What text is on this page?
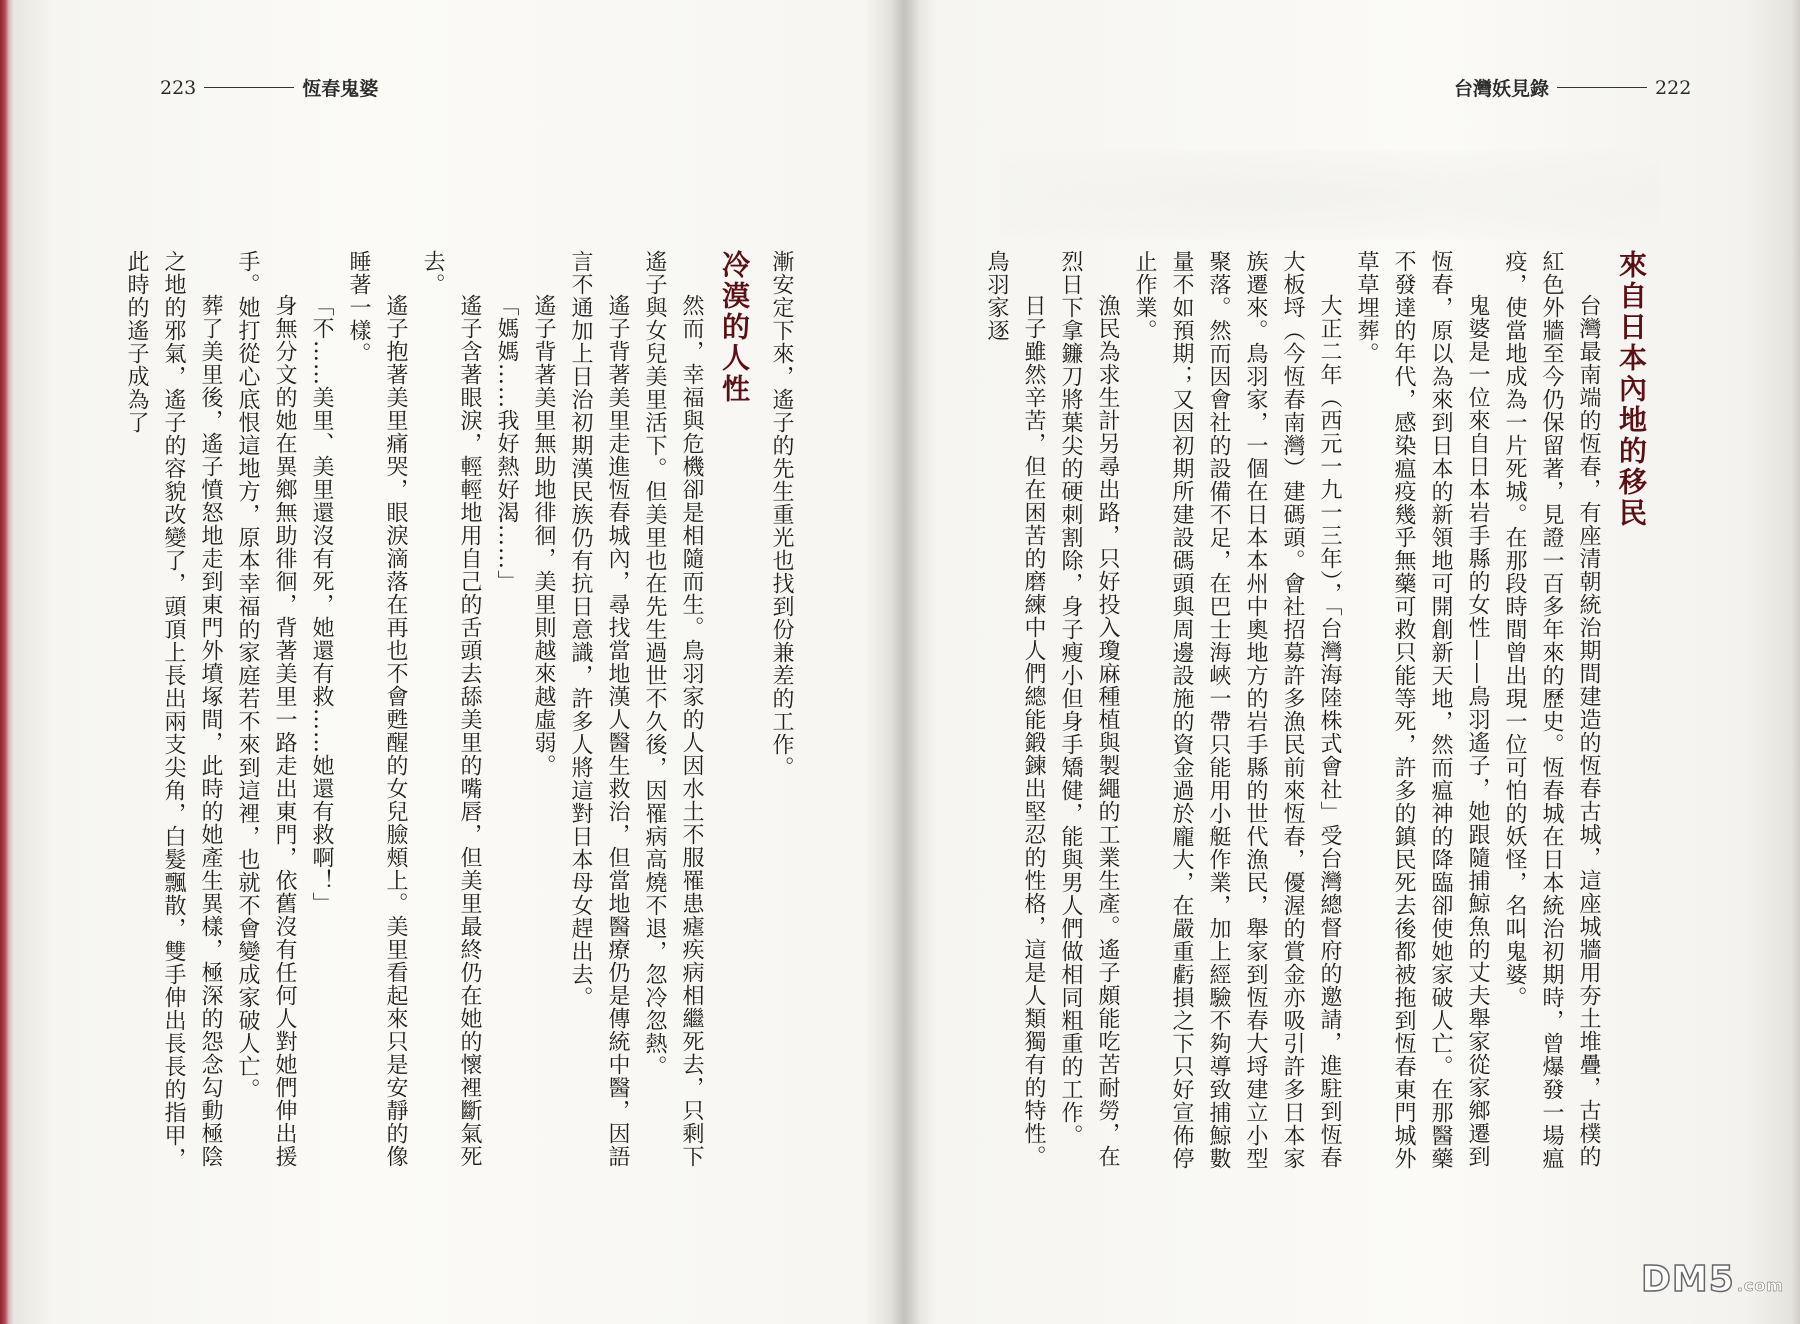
223	恆春鬼婆	台灣妖見錄	222

漸安定下來，遙子的先生重光也找到份兼差的工作。

冷漠的人性

然而，幸福與危機卻是相隨而生。鳥羽家的人因水土不服罹患瘧疾病相繼死去，只剩下遙子與女兒美里活下。但美里也在先生過世不久後，因罹病高燒不退，忽冷忽熱。

遙子背著美里走進恆春城內，尋找當地漢人醫生救治，但當地醫療仍是傳統中醫，因語言不通加上日治初期漢民族仍有抗日意識，許多人將這對日本母女趕出去。

遙子背著美里無助地徘徊，美里則越來越虛弱。

「媽媽……我好熱好渴……」

遙子含著眼淚，輕輕地用自己的舌頭去舔美里的嘴唇，但美里最終仍在她的懷裡斷氣死去。

遙子抱著美里痛哭，眼淚滴落在再也不會甦醒的女兒臉頰上。美里看起來只是安靜的像睡著一樣。

「不……美里、美里還沒有死，她還有救……她還有救啊！」

身無分文的她在異鄉無助徘徊，背著美里一路走出東門，依舊沒有任何人對她們伸出援手。她打從心底恨這地方，原本幸福的家庭若不來到這裡，也就不會變成家破人亡。

葬了美里後，遙子憤怒地走到東門外墳塚間，此時的她產生異樣，極深的怨念勾動極陰之地的邪氣，遙子的容貌改變了，頭頂上長出兩支尖角，白髮飄散，雙手伸出長長的指甲，此時的遙子成為了	來自日本內地的移民

台灣最南端的恆春，有座清朝統治期間建造的恆春古城，這座城牆用夯土堆疊，古樸的紅色外牆至今仍保留著，見證一百多年來的歷史。恆春城在日本統治初期時，曾爆發一場瘟疫，使當地成為一片死城。在那段時間曾出現一位可怕的妖怪，名叫鬼婆。

鬼婆是一位來自日本岩手縣的女性——鳥羽遙子，她跟隨捕鯨魚的丈夫舉家從家鄉遷到恆春，原以為來到日本的新領地可開創新天地，然而瘟神的降臨卻使她家破人亡。在那醫藥不發達的年代，感染瘟疫幾乎無藥可救只能等死，許多的鎮民死去後都被拖到恆春東門城外草草埋葬。

大正二年（西元一九一三年），「台灣海陸株式會社」受台灣總督府的邀請，進駐到恆春大板埒（今恆春南灣）建碼頭。會社招募許多漁民前來恆春，優渥的賞金亦吸引許多日本家族遷來。鳥羽家，一個在日本本州中奧地方的岩手縣的世代漁民，舉家到恆春大埒建立小型聚落。然而因會社的設備不足，在巴士海峽一帶只能用小艇作業，加上經驗不夠導致捕鯨數量不如預期；又因初期所建設碼頭與周邊設施的資金過於龐大，在嚴重虧損之下只好宣佈停止作業。

漁民為求生計另尋出路，只好投入瓊麻種植與製繩的工業生產。遙子頗能吃苦耐勞，在烈日下拿鐮刀將葉尖的硬刺割除，身子瘦小但身手矯健，能與男人們做相同粗重的工作。

日子雖然辛苦，但在困苦的磨練中人們總能鍛鍊出堅忍的性格，這是人類獨有的特性。鳥羽家逐

DM5 .com
